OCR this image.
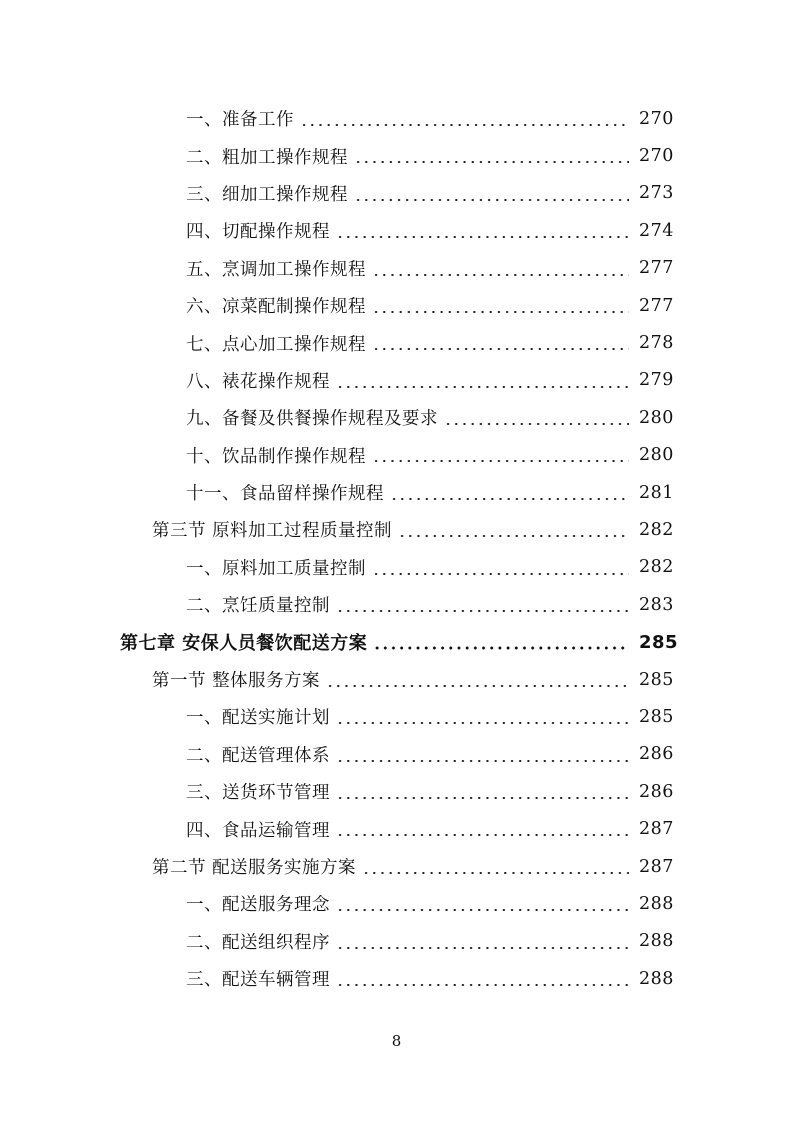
一、准备工作	270
二、粗加工操作规程	270
三、细加工操作规程	273
四、切配操作规程	274
五、烹调加工操作规程	277
六、凉菜配制操作规程	277
七、点心加工操作规程	278
八、裱花操作规程	279
九、备餐及供餐操作规程及要求	280
十、饮品制作操作规程	280
十一、食品留样操作规程	281
第三节 原料加工过程质量控制	282
一、原料加工质量控制	282
二、烹饪质量控制	283
第七章 安保人员餐饮配送方案	285
第一节 整体服务方案	285
一、配送实施计划	285
二、配送管理体系	286
三、送货环节管理	286
四、食品运输管理	287
第二节 配送服务实施方案	287
一、配送服务理念	288
二、配送组织程序	288
三、配送车辆管理	288
8
